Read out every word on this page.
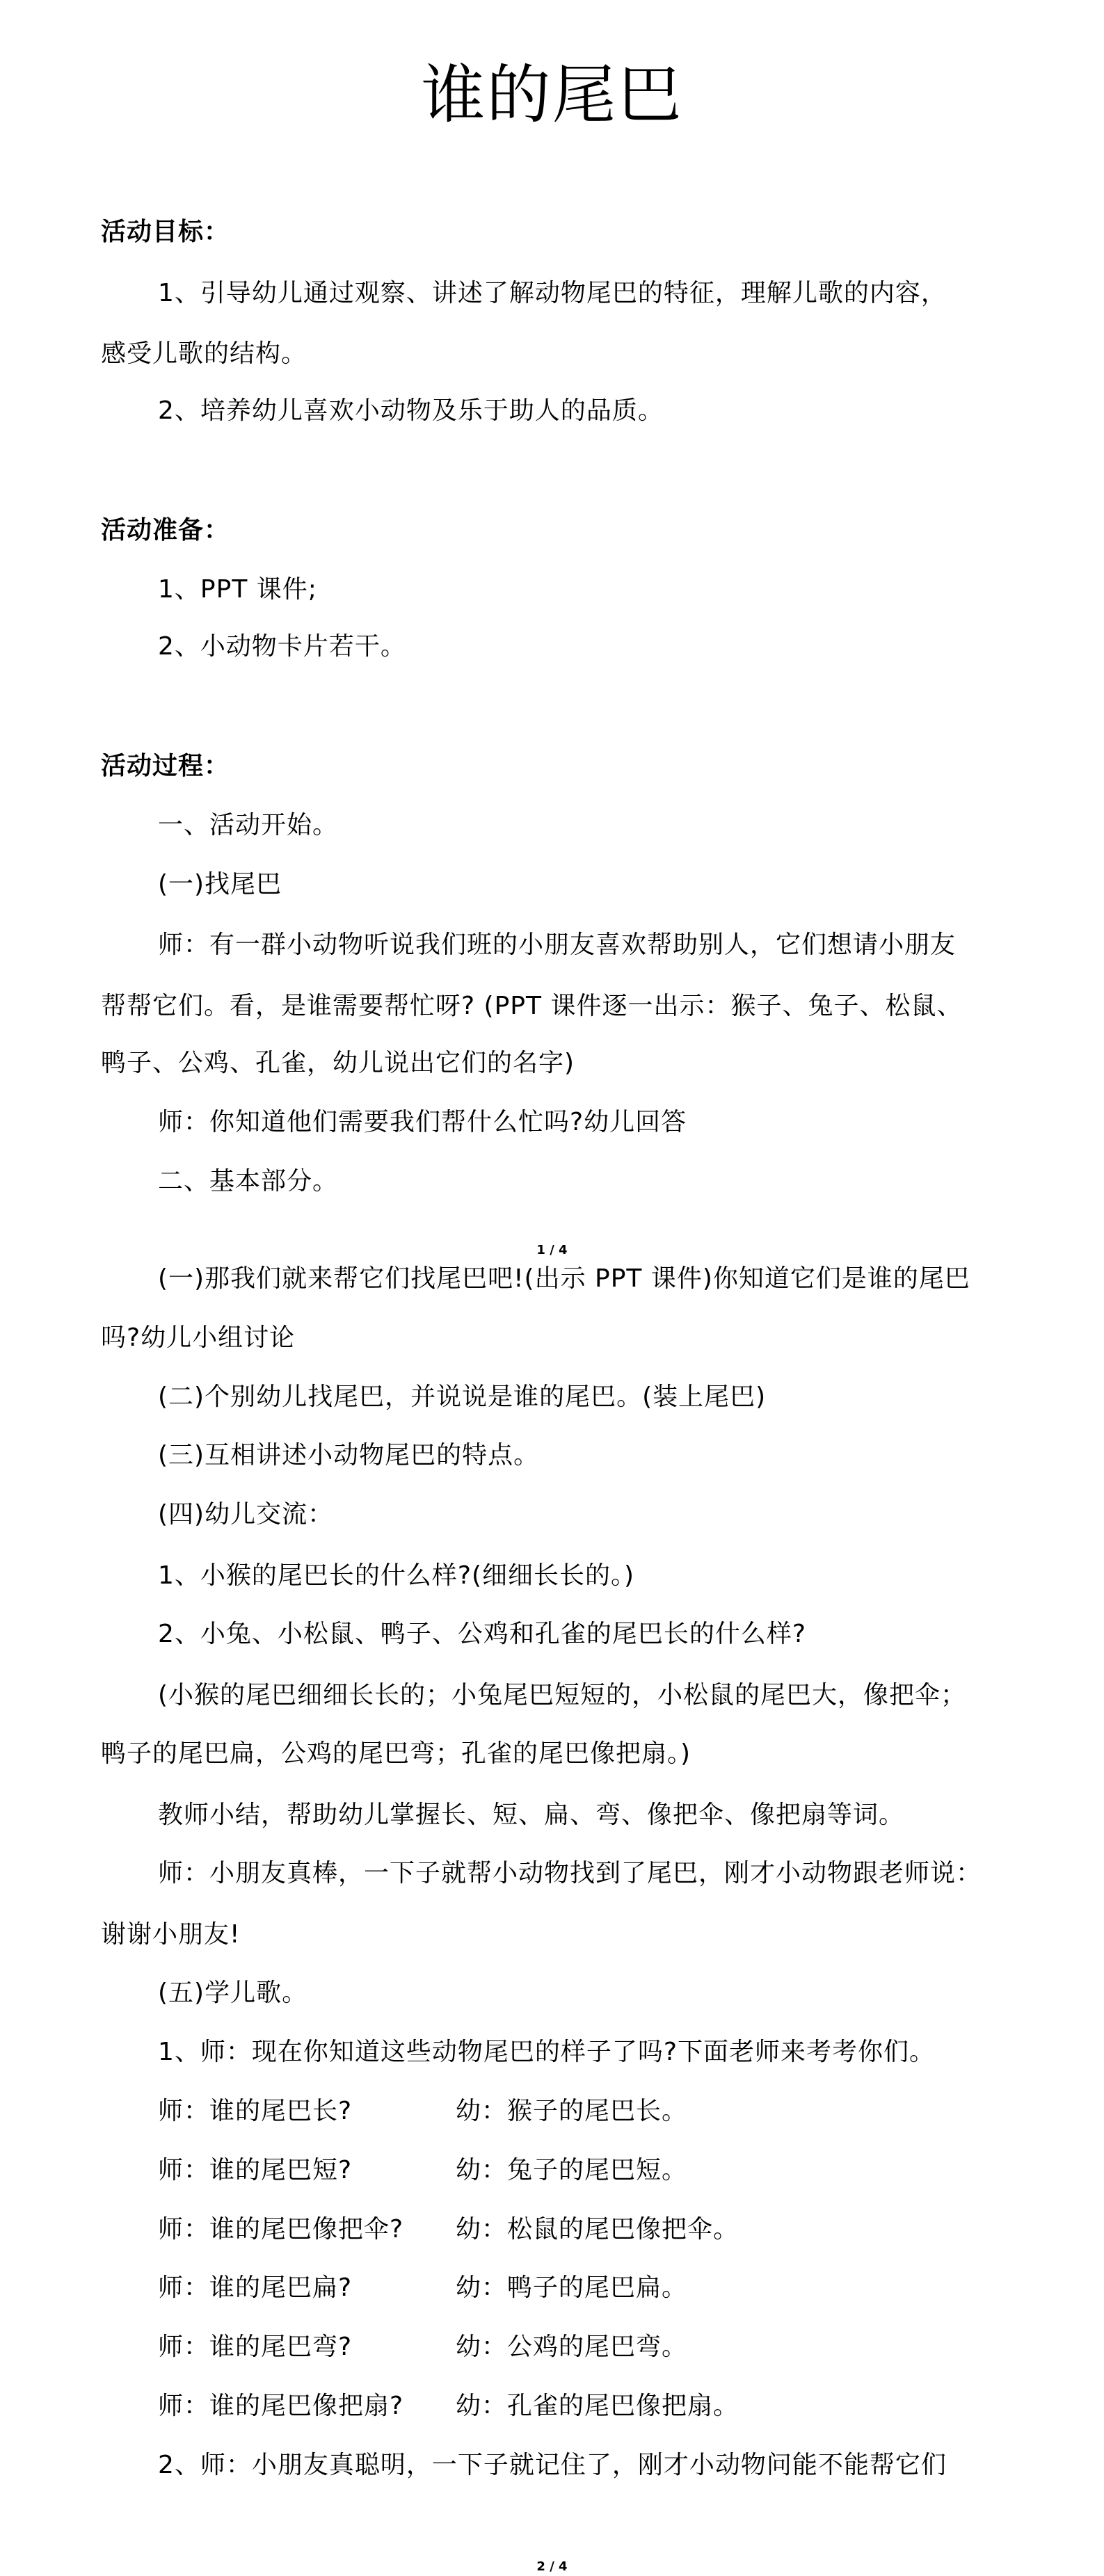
谁的尾巴
活动目标：
1、引导幼儿通过观察、讲述了解动物尾巴的特征，理解儿歌的内容，
感受儿歌的结构。
2、培养幼儿喜欢小动物及乐于助人的品质。
活动准备：
1、PPT 课件;
2、小动物卡片若干。
活动过程：
一、活动开始。
(一)找尾巴
师：有一群小动物听说我们班的小朋友喜欢帮助别人，它们想请小朋友
帮帮它们。看，是谁需要帮忙呀? (PPT 课件逐一出示：猴子、兔子、松鼠、
鸭子、公鸡、孔雀，幼儿说出它们的名字)
师：你知道他们需要我们帮什么忙吗?幼儿回答
二、基本部分。
1 / 4
(一)那我们就来帮它们找尾巴吧!(出示 PPT 课件)你知道它们是谁的尾巴
吗?幼儿小组讨论
(二)个别幼儿找尾巴，并说说是谁的尾巴。(装上尾巴)
(三)互相讲述小动物尾巴的特点。
(四)幼儿交流：
1、小猴的尾巴长的什么样?(细细长长的。)
2、小兔、小松鼠、鸭子、公鸡和孔雀的尾巴长的什么样?
(小猴的尾巴细细长长的；小兔尾巴短短的，小松鼠的尾巴大，像把伞；
鸭子的尾巴扁，公鸡的尾巴弯；孔雀的尾巴像把扇。)
教师小结，帮助幼儿掌握长、短、扁、弯、像把伞、像把扇等词。
师：小朋友真棒，一下子就帮小动物找到了尾巴，刚才小动物跟老师说：
谢谢小朋友!
(五)学儿歌。
1、师：现在你知道这些动物尾巴的样子了吗?下面老师来考考你们。
师：谁的尾巴长?	幼：猴子的尾巴长。
师：谁的尾巴短?	幼：兔子的尾巴短。
师：谁的尾巴像把伞? 幼：松鼠的尾巴像把伞。
师：谁的尾巴扁?	幼：鸭子的尾巴扁。
师：谁的尾巴弯?	幼：公鸡的尾巴弯。
师：谁的尾巴像把扇? 幼：孔雀的尾巴像把扇。
2、师：小朋友真聪明，一下子就记住了，刚才小动物问能不能帮它们
2 / 4
